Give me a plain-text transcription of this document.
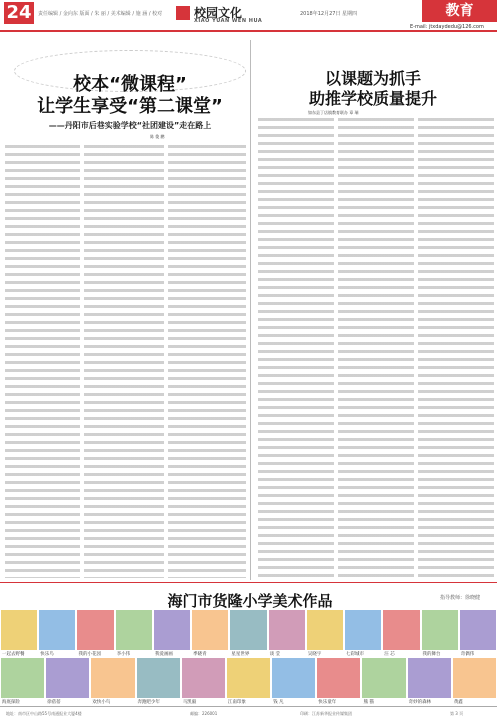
24	责任编辑 / 金向东 版面 / 朱 丽 / 美术编辑 / 施 涵 / 校对	校园文化
XIAO YUAN WEN HUA
2018年12月27日 星期四	教育
E-mail: jtxdaydedu@126.com
校本“微课程”
让学生享受“第二课堂”
——丹阳市后巷实验学校“社团建设”走在路上
陈 俊 鹏
以课题为抓手
助推学校质量提升
如东县丁店镇教育联办 章 瑞
海门市货隆小学美术作品	指导教师：徐晓健
一起去野餐	快乐鸟	我的小花园	李小伟	我爱画画	季晓青	星星世界	谈 莹	吴晓宇	七彩城市	汪 芯	我的舞台	奇偶伟
海底探险	徐蓓蓓	欢快小鸟	奔跑吧少年	马凯毅	江南印象	钱 凡	快乐童年	熊 猫	奇妙的森林	黄鑫
地址：南市区中山路55号南通报业大厦4楼	邮编：226001	印刷：江苏新华报业传媒集团	第 3 页
